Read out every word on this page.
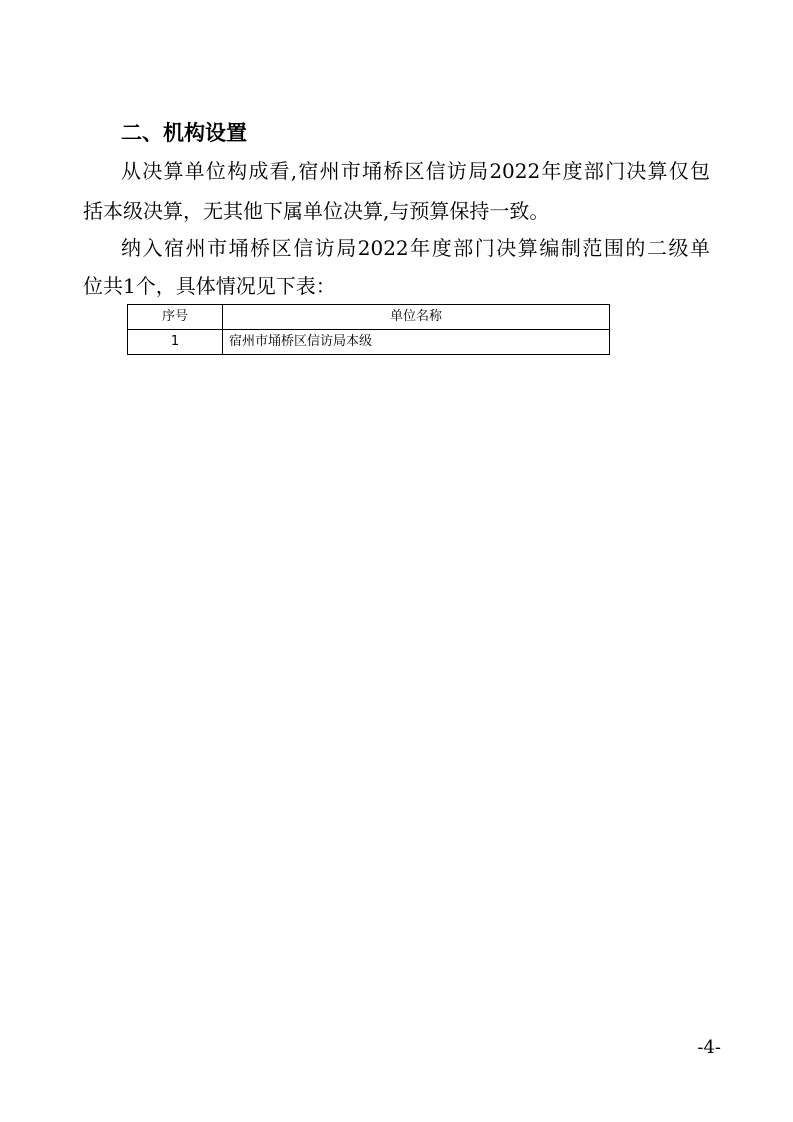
二、机构设置

从决算单位构成看,宿州市埇桥区信访局2022年度部门决算仅包

括本级决算，无其他下属单位决算,与预算保持一致。

纳入宿州市埇桥区信访局2022年度部门决算编制范围的二级单

位共1个，具体情况见下表：

序号	单位名称
1	宿州市埇桥区信访局本级

-4-
